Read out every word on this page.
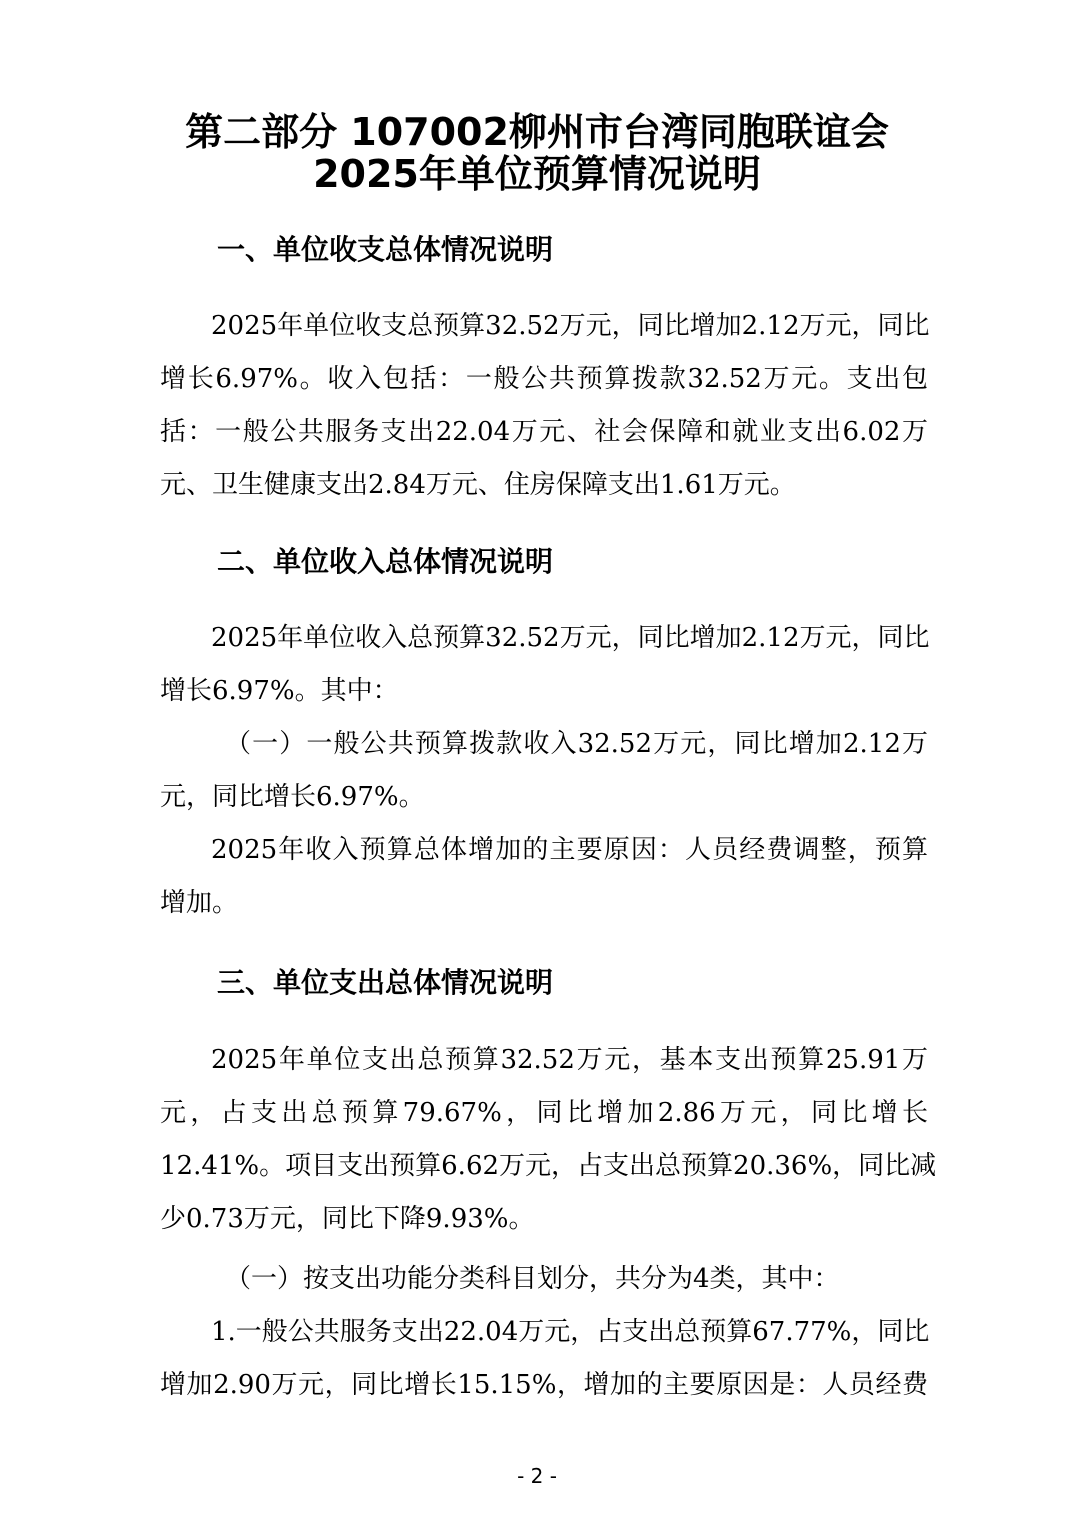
第二部分 107002柳州市台湾同胞联谊会
2025年单位预算情况说明
一、单位收支总体情况说明
2025年单位收支总预算32.52万元，同比增加2.12万元，同比
增长6.97%。收入包括：一般公共预算拨款32.52万元。支出包
括：一般公共服务支出22.04万元、社会保障和就业支出6.02万
元、卫生健康支出2.84万元、住房保障支出1.61万元。
二、单位收入总体情况说明
2025年单位收入总预算32.52万元，同比增加2.12万元，同比
增长6.97%。其中：
（一）一般公共预算拨款收入32.52万元，同比增加2.12万
元，同比增长6.97%。
2025年收入预算总体增加的主要原因：人员经费调整，预算
增加。
三、单位支出总体情况说明
2025年单位支出总预算32.52万元，基本支出预算25.91万
元，占支出总预算79.67%，同比增加2.86万元，同比增长
12.41%。项目支出预算6.62万元，占支出总预算20.36%，同比减
少0.73万元，同比下降9.93%。
（一）按支出功能分类科目划分，共分为4类，其中：
1.一般公共服务支出22.04万元，占支出总预算67.77%，同比
增加2.90万元，同比增长15.15%，增加的主要原因是：人员经费
- 2 -
